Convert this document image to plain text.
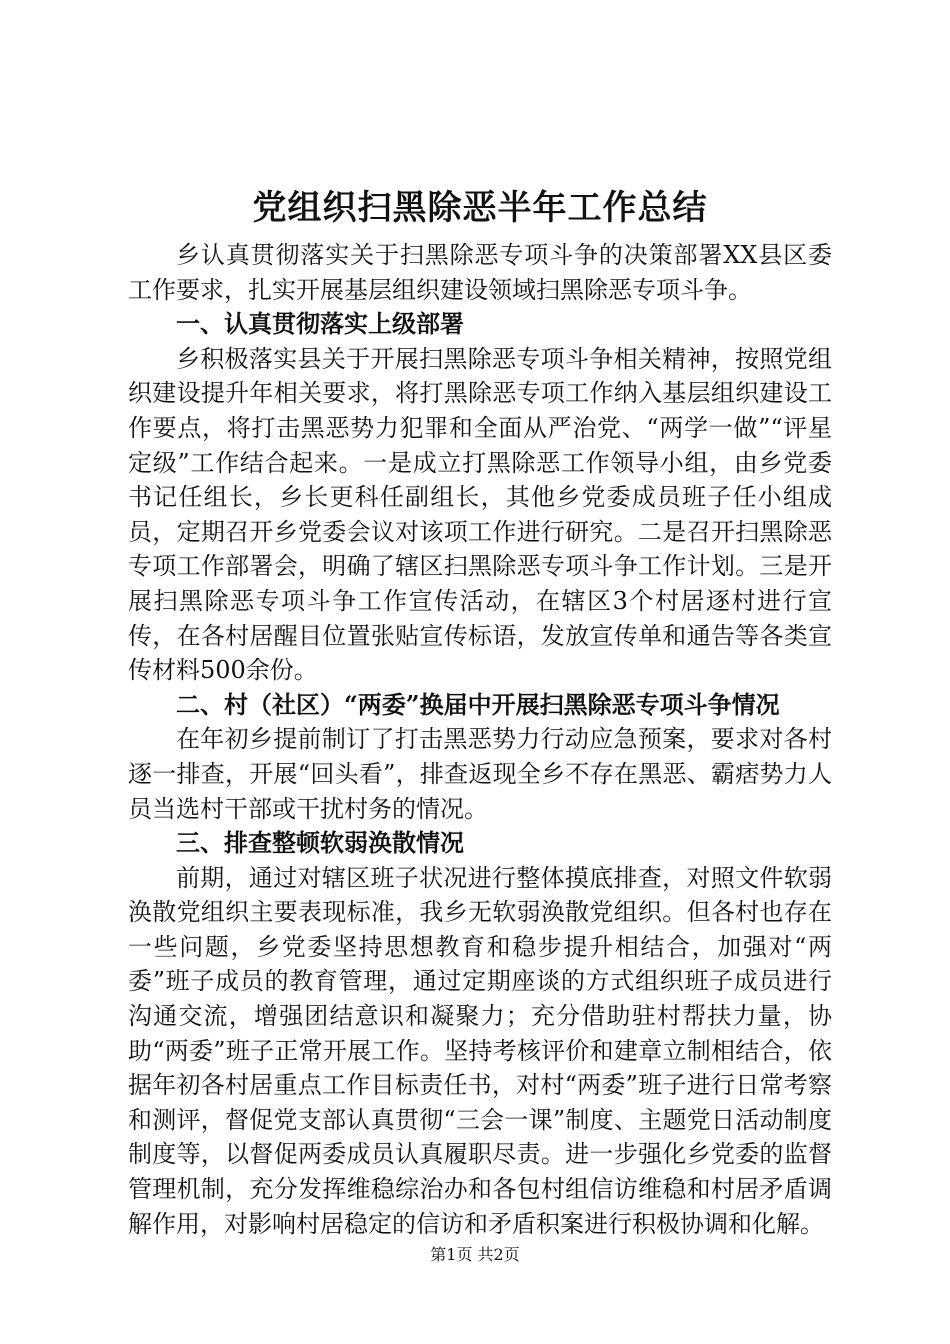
党组织扫黑除恶半年工作总结

乡认真贯彻落实关于扫黑除恶专项斗争的决策部署XX县区委工作要求，扎实开展基层组织建设领域扫黑除恶专项斗争。

一、认真贯彻落实上级部署

乡积极落实县关于开展扫黑除恶专项斗争相关精神，按照党组织建设提升年相关要求，将打黑除恶专项工作纳入基层组织建设工作要点，将打击黑恶势力犯罪和全面从严治党、“两学一做”“评星定级”工作结合起来。一是成立打黑除恶工作领导小组，由乡党委书记任组长，乡长更科任副组长，其他乡党委成员班子任小组成员，定期召开乡党委会议对该项工作进行研究。二是召开扫黑除恶专项工作部署会，明确了辖区扫黑除恶专项斗争工作计划。三是开展扫黑除恶专项斗争工作宣传活动，在辖区3个村居逐村进行宣传，在各村居醒目位置张贴宣传标语，发放宣传单和通告等各类宣传材料500余份。

二、村（社区）“两委”换届中开展扫黑除恶专项斗争情况

在年初乡提前制订了打击黑恶势力行动应急预案，要求对各村逐一排查，开展“回头看”，排查返现全乡不存在黑恶、霸痞势力人员当选村干部或干扰村务的情况。

三、排查整顿软弱涣散情况

前期，通过对辖区班子状况进行整体摸底排查，对照文件软弱涣散党组织主要表现标准，我乡无软弱涣散党组织。但各村也存在一些问题，乡党委坚持思想教育和稳步提升相结合，加强对“两委”班子成员的教育管理，通过定期座谈的方式组织班子成员进行沟通交流，增强团结意识和凝聚力；充分借助驻村帮扶力量，协助“两委”班子正常开展工作。坚持考核评价和建章立制相结合，依据年初各村居重点工作目标责任书，对村“两委”班子进行日常考察和测评，督促党支部认真贯彻“三会一课”制度、主题党日活动制度制度等，以督促两委成员认真履职尽责。进一步强化乡党委的监督管理机制，充分发挥维稳综治办和各包村组信访维稳和村居矛盾调解作用，对影响村居稳定的信访和矛盾积案进行积极协调和化解。

第1页 共2页
